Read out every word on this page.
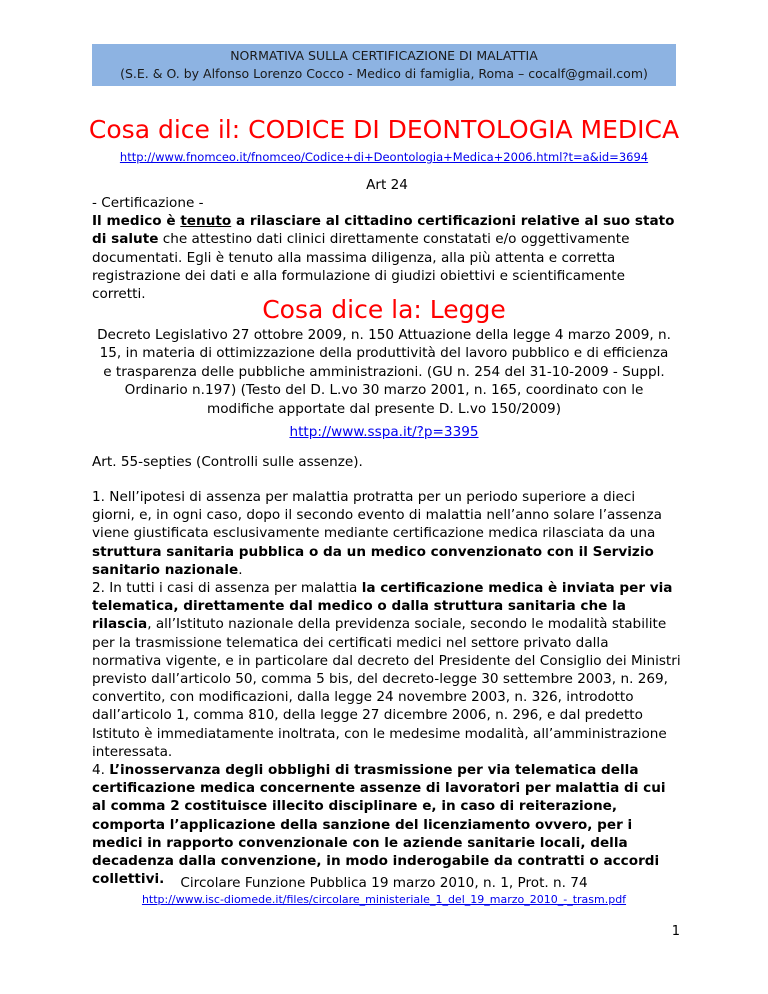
NORMATIVA SULLA CERTIFICAZIONE DI MALATTIA
(S.E. & O. by Alfonso Lorenzo Cocco - Medico di famiglia, Roma – cocalf@gmail.com)
Cosa dice il: CODICE DI DEONTOLOGIA MEDICA
http://www.fnomceo.it/fnomceo/Codice+di+Deontologia+Medica+2006.html?t=a&id=3694
Art 24
- Certificazione -
Il medico è tenuto a rilasciare al cittadino certificazioni relative al suo stato di salute che attestino dati clinici direttamente constatati e/o oggettivamente documentati. Egli è tenuto alla massima diligenza, alla più attenta e corretta registrazione dei dati e alla formulazione di giudizi obiettivi e scientificamente corretti.
Cosa dice la: Legge
Decreto Legislativo 27 ottobre 2009, n. 150 Attuazione della legge 4 marzo 2009, n. 15, in materia di ottimizzazione della produttività del lavoro pubblico e di efficienza e trasparenza delle pubbliche amministrazioni. (GU n. 254 del 31-10-2009 - Suppl. Ordinario n.197) (Testo del D. L.vo 30 marzo 2001, n. 165, coordinato con le modifiche apportate dal presente D. L.vo 150/2009)
http://www.sspa.it/?p=3395
Art. 55-septies (Controlli sulle assenze).
1. Nell’ipotesi di assenza per malattia protratta per un periodo superiore a dieci giorni, e, in ogni caso, dopo il secondo evento di malattia nell’anno solare l’assenza viene giustificata esclusivamente mediante certificazione medica rilasciata da una struttura sanitaria pubblica o da un medico convenzionato con il Servizio sanitario nazionale.
2. In tutti i casi di assenza per malattia la certificazione medica è inviata per via telematica, direttamente dal medico o dalla struttura sanitaria che la rilascia, all’Istituto nazionale della previdenza sociale, secondo le modalità stabilite per la trasmissione telematica dei certificati medici nel settore privato dalla normativa vigente, e in particolare dal decreto del Presidente del Consiglio dei Ministri previsto dall’articolo 50, comma 5 bis, del decreto-legge 30 settembre 2003, n. 269, convertito, con modificazioni, dalla legge 24 novembre 2003, n. 326, introdotto dall’articolo 1, comma 810, della legge 27 dicembre 2006, n. 296, e dal predetto Istituto è immediatamente inoltrata, con le medesime modalità, all’amministrazione interessata.
4. L’inosservanza degli obblighi di trasmissione per via telematica della certificazione medica concernente assenze di lavoratori per malattia di cui al comma 2 costituisce illecito disciplinare e, in caso di reiterazione, comporta l’applicazione della sanzione del licenziamento ovvero, per i medici in rapporto convenzionale con le aziende sanitarie locali, della decadenza dalla convenzione, in modo inderogabile da contratti o accordi collettivi.	Circolare Funzione Pubblica 19 marzo 2010, n. 1, Prot. n. 74
http://www.isc-diomede.it/files/circolare_ministeriale_1_del_19_marzo_2010_-_trasm.pdf
1
